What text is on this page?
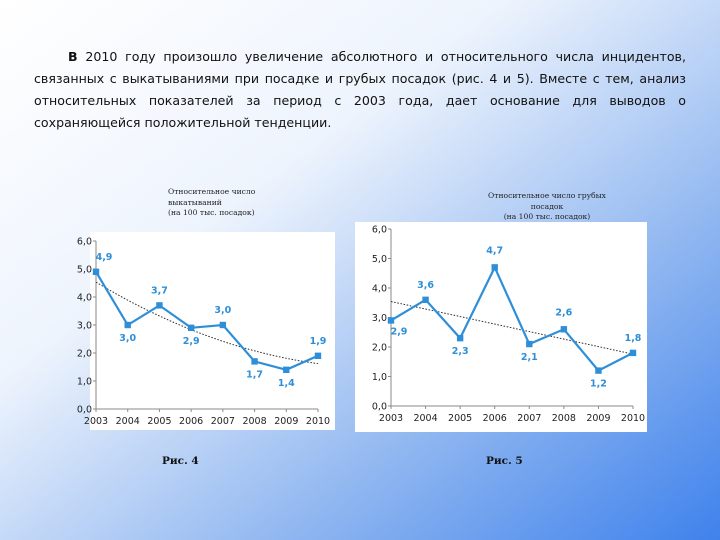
В 2010 году произошло увеличение абсолютного и относительного числа инцидентов, связанных с выкатываниями при посадке и грубых посадок (рис. 4 и 5). Вместе с тем, анализ относительных показателей за период с 2003 года, дает основание для выводов о сохраняющейся положительной тенденции.

Относительное число
выкатываний
(на 100 тыс. посадок)
Относительное число грубых
посадок
(на 100 тыс. посадок)
0,0
1,0
2,0
3,0
4,0
5,0
6,0
2003 2004 2005 2006 2007 2008 2009 2010
4,9
3,0
3,7
2,9
3,0
1,7
1,4
1,9
0,0
1,0
2,0
3,0
4,0
5,0
6,0
2003 2004 2005 2006 2007 2008 2009 2010
2,9
3,6
2,3
4,7
2,1
2,6
1,2
1,8
Рис. 4	Рис. 5
